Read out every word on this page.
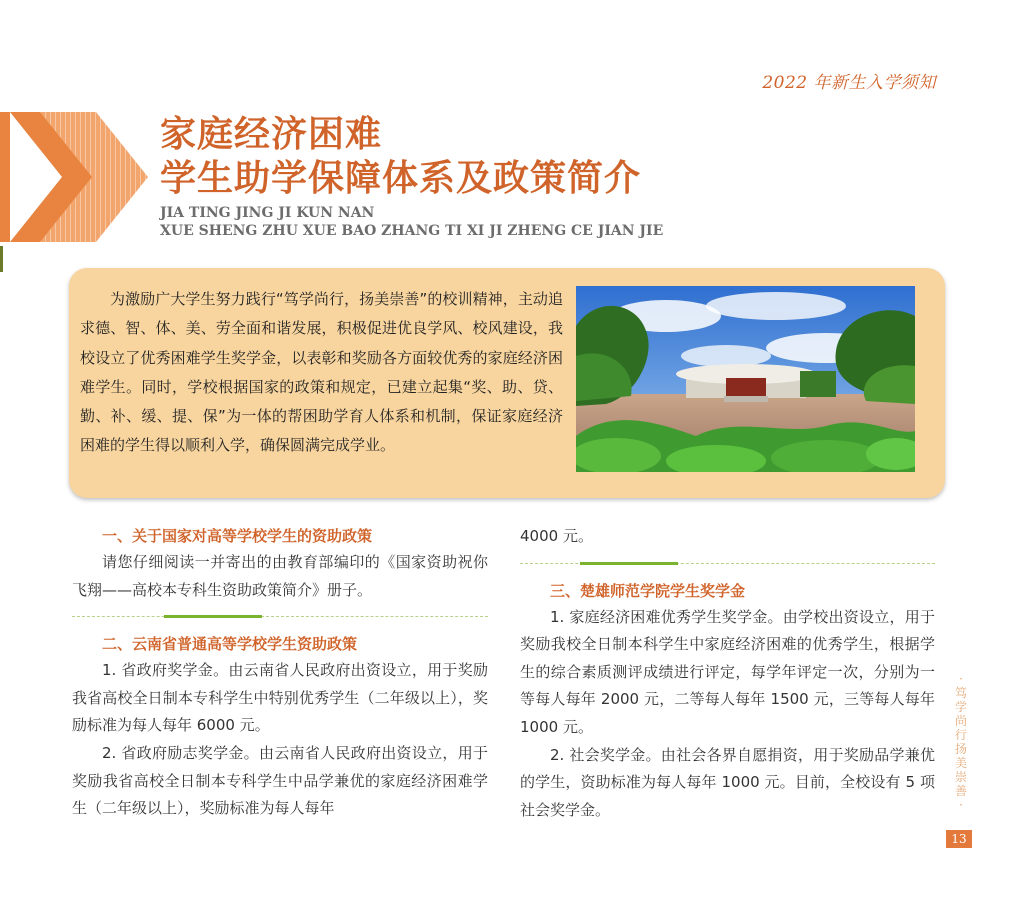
2022 年新生入学须知
家庭经济困难
学生助学保障体系及政策简介
JIA TING JING JI KUN NAN
XUE SHENG ZHU XUE BAO ZHANG TI XI JI ZHENG CE JIAN JIE

为激励广大学生努力践行“笃学尚行，扬美崇善”的校训精神，主动追求德、智、体、美、劳全面和谐发展，积极促进优良学风、校风建设，我校设立了优秀困难学生奖学金，以表彰和奖励各方面较优秀的家庭经济困难学生。同时，学校根据国家的政策和规定，已建立起集“奖、助、贷、勤、补、缓、提、保”为一体的帮困助学育人体系和机制，保证家庭经济困难的学生得以顺利入学，确保圆满完成学业。

一、关于国家对高等学校学生的资助政策

请您仔细阅读一并寄出的由教育部编印的《国家资助祝你飞翔——高校本专科生资助政策简介》册子。

二、云南省普通高等学校学生资助政策

1. 省政府奖学金。由云南省人民政府出资设立，用于奖励我省高校全日制本专科学生中特别优秀学生（二年级以上），奖励标准为每人每年 6000 元。

2. 省政府励志奖学金。由云南省人民政府出资设立，用于奖励我省高校全日制本专科学生中品学兼优的家庭经济困难学生（二年级以上），奖励标准为每人每年

4000 元。

三、楚雄师范学院学生奖学金

1. 家庭经济困难优秀学生奖学金。由学校出资设立，用于奖励我校全日制本科学生中家庭经济困难的优秀学生，根据学生的综合素质测评成绩进行评定，每学年评定一次，分别为一等每人每年 2000 元，二等每人每年 1500 元，三等每人每年 1000 元。

2. 社会奖学金。由社会各界自愿捐资，用于奖励品学兼优的学生，资助标准为每人每年 1000 元。目前，全校设有 5 项社会奖学金。

·笃学尚行 扬美崇善·
13
